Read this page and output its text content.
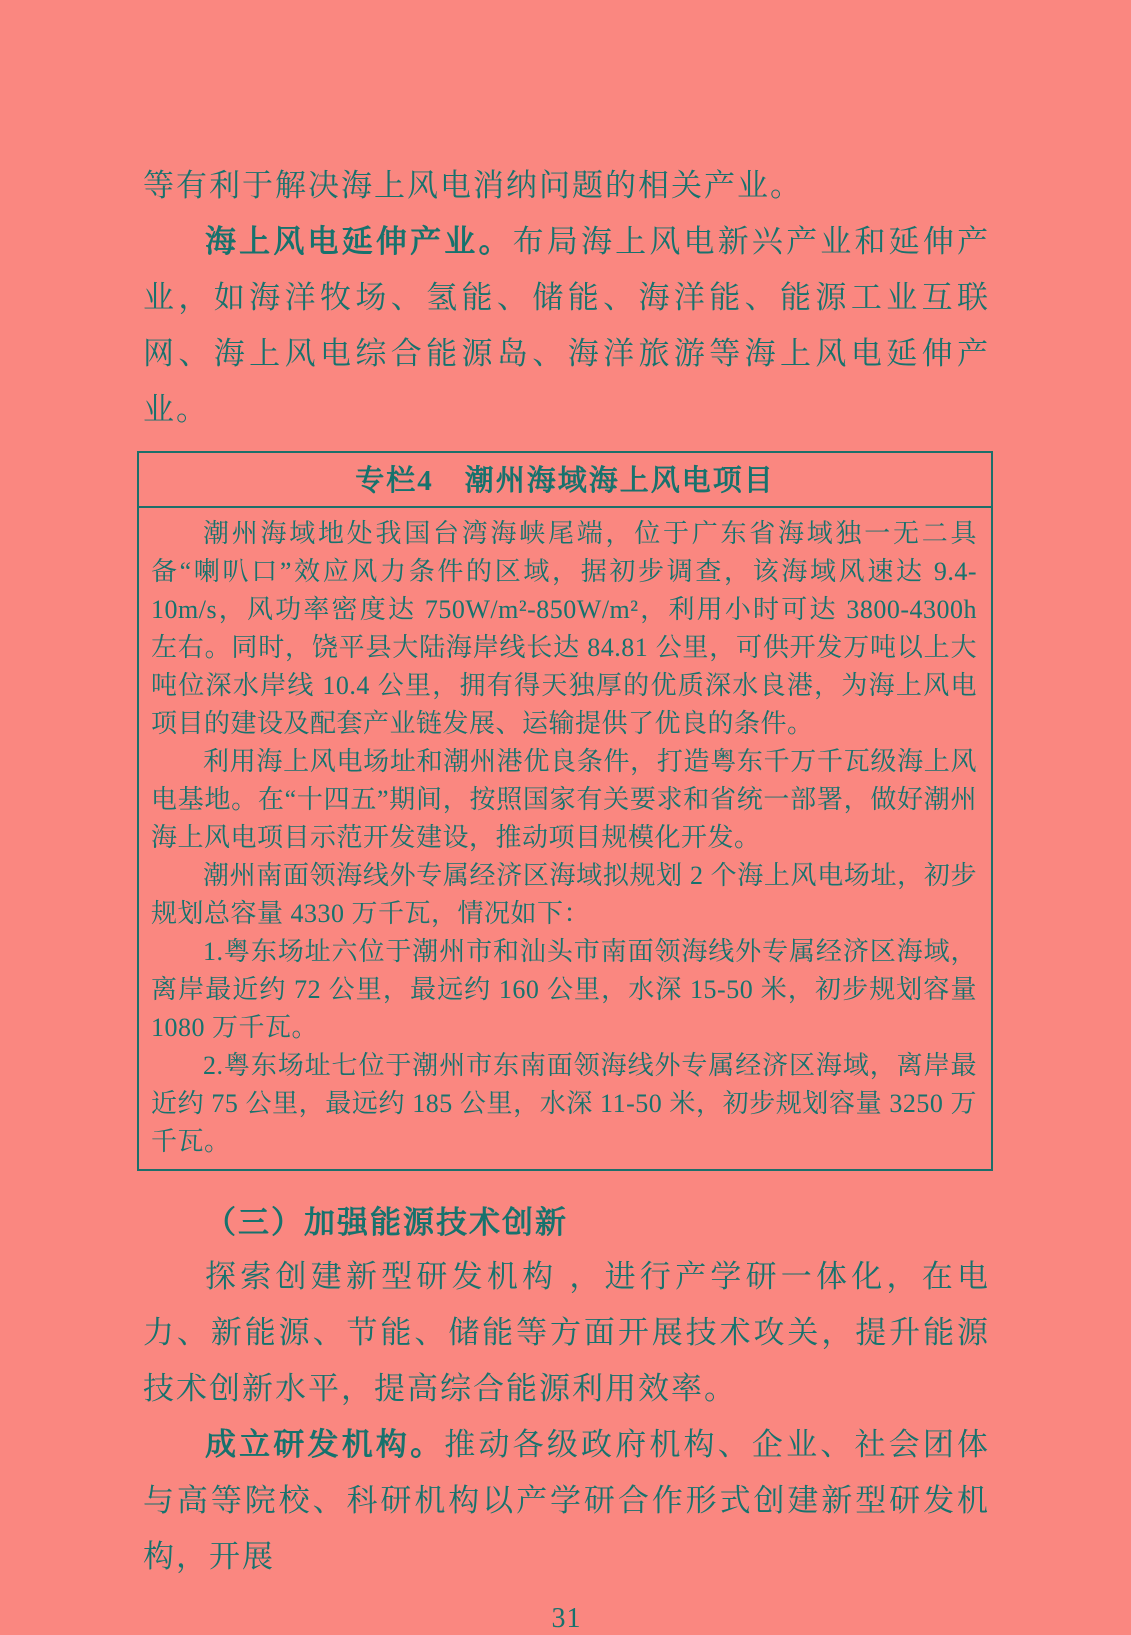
等有利于解决海上风电消纳问题的相关产业。

海上风电延伸产业。布局海上风电新兴产业和延伸产业，如海洋牧场、氢能、储能、海洋能、能源工业互联网、海上风电综合能源岛、海洋旅游等海上风电延伸产业。

专栏4　潮州海域海上风电项目

潮州海域地处我国台湾海峡尾端，位于广东省海域独一无二具备“喇叭口”效应风力条件的区域，据初步调查，该海域风速达 9.4-10m/s，风功率密度达 750W/m²-850W/m²，利用小时可达 3800-4300h 左右。同时，饶平县大陆海岸线长达 84.81 公里，可供开发万吨以上大吨位深水岸线 10.4 公里，拥有得天独厚的优质深水良港，为海上风电项目的建设及配套产业链发展、运输提供了优良的条件。

利用海上风电场址和潮州港优良条件，打造粤东千万千瓦级海上风电基地。在“十四五”期间，按照国家有关要求和省统一部署，做好潮州海上风电项目示范开发建设，推动项目规模化开发。

潮州南面领海线外专属经济区海域拟规划 2 个海上风电场址，初步规划总容量 4330 万千瓦，情况如下：

1.粤东场址六位于潮州市和汕头市南面领海线外专属经济区海域，离岸最近约 72 公里，最远约 160 公里，水深 15-50 米，初步规划容量 1080 万千瓦。

2.粤东场址七位于潮州市东南面领海线外专属经济区海域，离岸最近约 75 公里，最远约 185 公里，水深 11-50 米，初步规划容量 3250 万千瓦。

（三）加强能源技术创新

探索创建新型研发机构 ，进行产学研一体化，在电力、新能源、节能、储能等方面开展技术攻关，提升能源技术创新水平，提高综合能源利用效率。

成立研发机构。推动各级政府机构、企业、社会团体与高等院校、科研机构以产学研合作形式创建新型研发机构，开展

31
